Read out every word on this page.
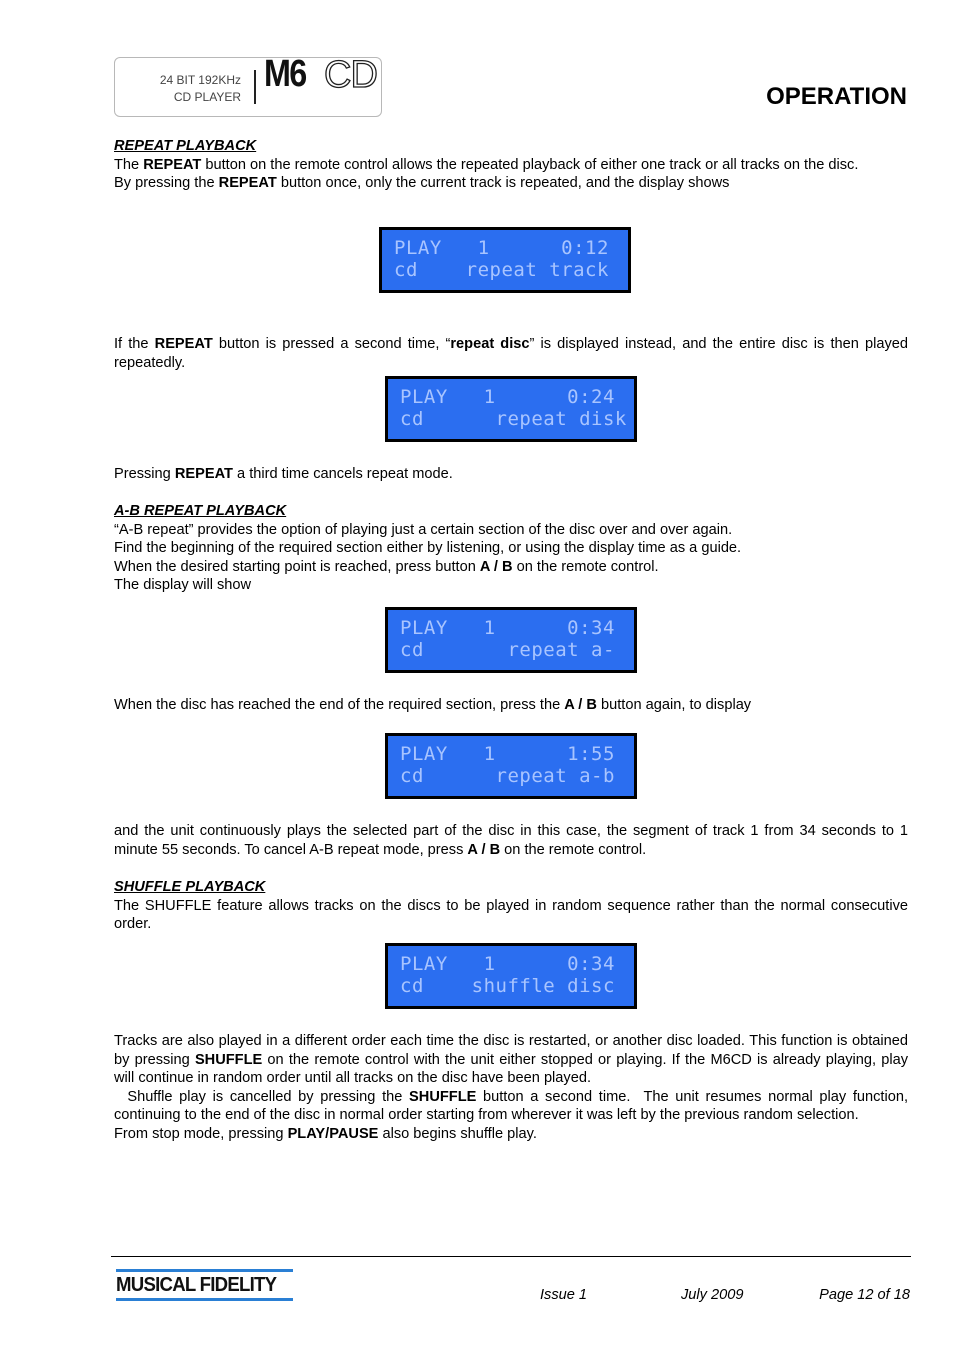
24 BIT 192KHz
CD PLAYER
M6 CD
OPERATION
REPEAT PLAYBACK
The REPEAT button on the remote control allows the repeated playback of either one track or all tracks on the disc.
By pressing the REPEAT button once, only the current track is repeated, and the display shows

PLAY   1      0:12

cd    repeat track

If the REPEAT button is pressed a second time, “repeat disc” is displayed instead, and the entire disc is then played repeatedly.

PLAY   1      0:24

cd      repeat disk

Pressing REPEAT a third time cancels repeat mode.
A-B REPEAT PLAYBACK
“A-B repeat” provides the option of playing just a certain section of the disc over and over again.
Find the beginning of the required section either by listening, or using the display time as a guide.
When the desired starting point is reached, press button A / B on the remote control.
The display will show

PLAY   1      0:34

cd       repeat a-

When the disc has reached the end of the required section, press the A / B button again, to display

PLAY   1      1:55

cd      repeat a-b

and the unit continuously plays the selected part of the disc in this case, the segment of track 1 from 34 seconds to 1 minute 55 seconds. To cancel A-B repeat mode, press A / B on the remote control.
SHUFFLE PLAYBACK
The SHUFFLE feature allows tracks on the discs to be played in random sequence rather than the normal consecutive order.

PLAY   1      0:34

cd    shuffle disc

Tracks are also played in a different order each time the disc is restarted, or another disc loaded. This function is obtained by pressing SHUFFLE on the remote control with the unit either stopped or playing. If the M6CD is already playing, play will continue in random order until all tracks on the disc have been played.
Shuffle play is cancelled by pressing the SHUFFLE button a second time.  The unit resumes normal play function, continuing to the end of the disc in normal order starting from wherever it was left by the previous random selection.
From stop mode, pressing PLAY/PAUSE also begins shuffle play.
MUSICAL FIDELITY	Issue 1	July 2009	Page 12 of 18
